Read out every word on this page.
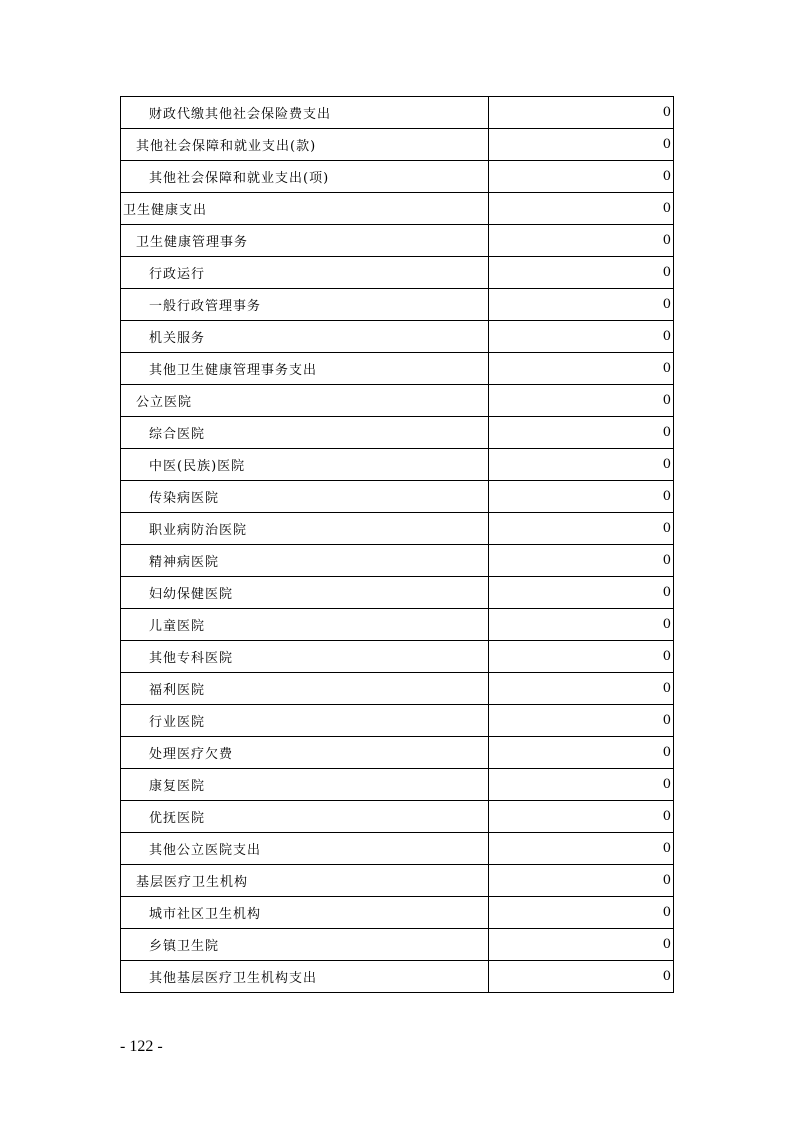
财政代缴其他社会保险费支出	0
其他社会保障和就业支出(款)	0
其他社会保障和就业支出(项)	0
卫生健康支出	0
卫生健康管理事务	0
行政运行	0
一般行政管理事务	0
机关服务	0
其他卫生健康管理事务支出	0
公立医院	0
综合医院	0
中医(民族)医院	0
传染病医院	0
职业病防治医院	0
精神病医院	0
妇幼保健医院	0
儿童医院	0
其他专科医院	0
福利医院	0
行业医院	0
处理医疗欠费	0
康复医院	0
优抚医院	0
其他公立医院支出	0
基层医疗卫生机构	0
城市社区卫生机构	0
乡镇卫生院	0
其他基层医疗卫生机构支出	0
- 122 -
